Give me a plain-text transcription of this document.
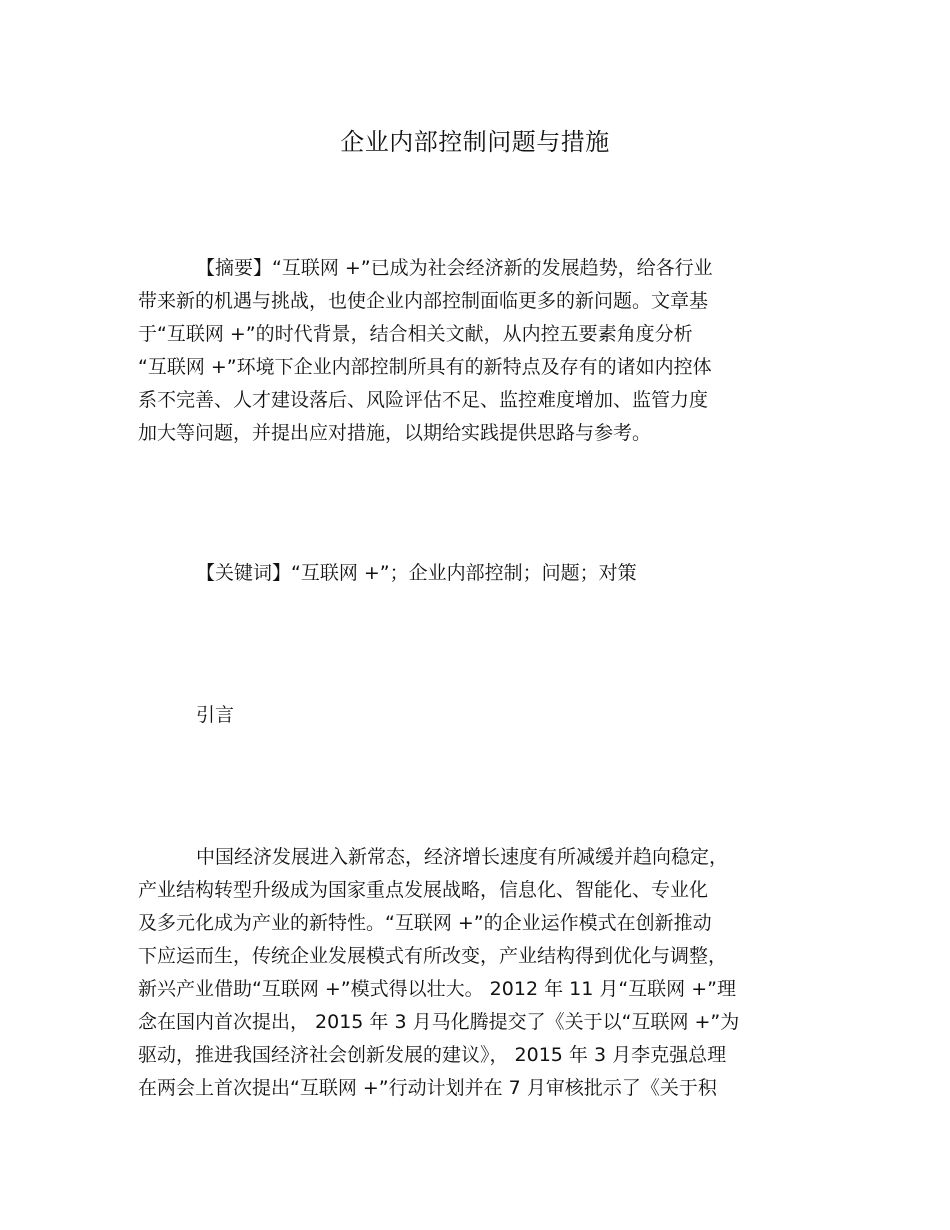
企业内部控制问题与措施
【摘要】“互联网 +”已成为社会经济新的发展趋势，给各行业
带来新的机遇与挑战，也使企业内部控制面临更多的新问题。文章基
于“互联网 +”的时代背景，结合相关文献，从内控五要素角度分析
“互联网 +”环境下企业内部控制所具有的新特点及存有的诸如内控体
系不完善、人才建设落后、风险评估不足、监控难度增加、监管力度
加大等问题，并提出应对措施，以期给实践提供思路与参考。
【关键词】“互联网 +”；企业内部控制；问题；对策
引言
中国经济发展进入新常态，经济增长速度有所减缓并趋向稳定，
产业结构转型升级成为国家重点发展战略，信息化、智能化、专业化
及多元化成为产业的新特性。“互联网 +”的企业运作模式在创新推动
下应运而生，传统企业发展模式有所改变，产业结构得到优化与调整，
新兴产业借助“互联网 +”模式得以壮大。 2012 年 11 月“互联网 +”理
念在国内首次提出， 2015 年 3 月马化腾提交了《关于以“互联网 +”为
驱动，推进我国经济社会创新发展的建议》， 2015 年 3 月李克强总理
在两会上首次提出“互联网 +”行动计划并在 7 月审核批示了《关于积
